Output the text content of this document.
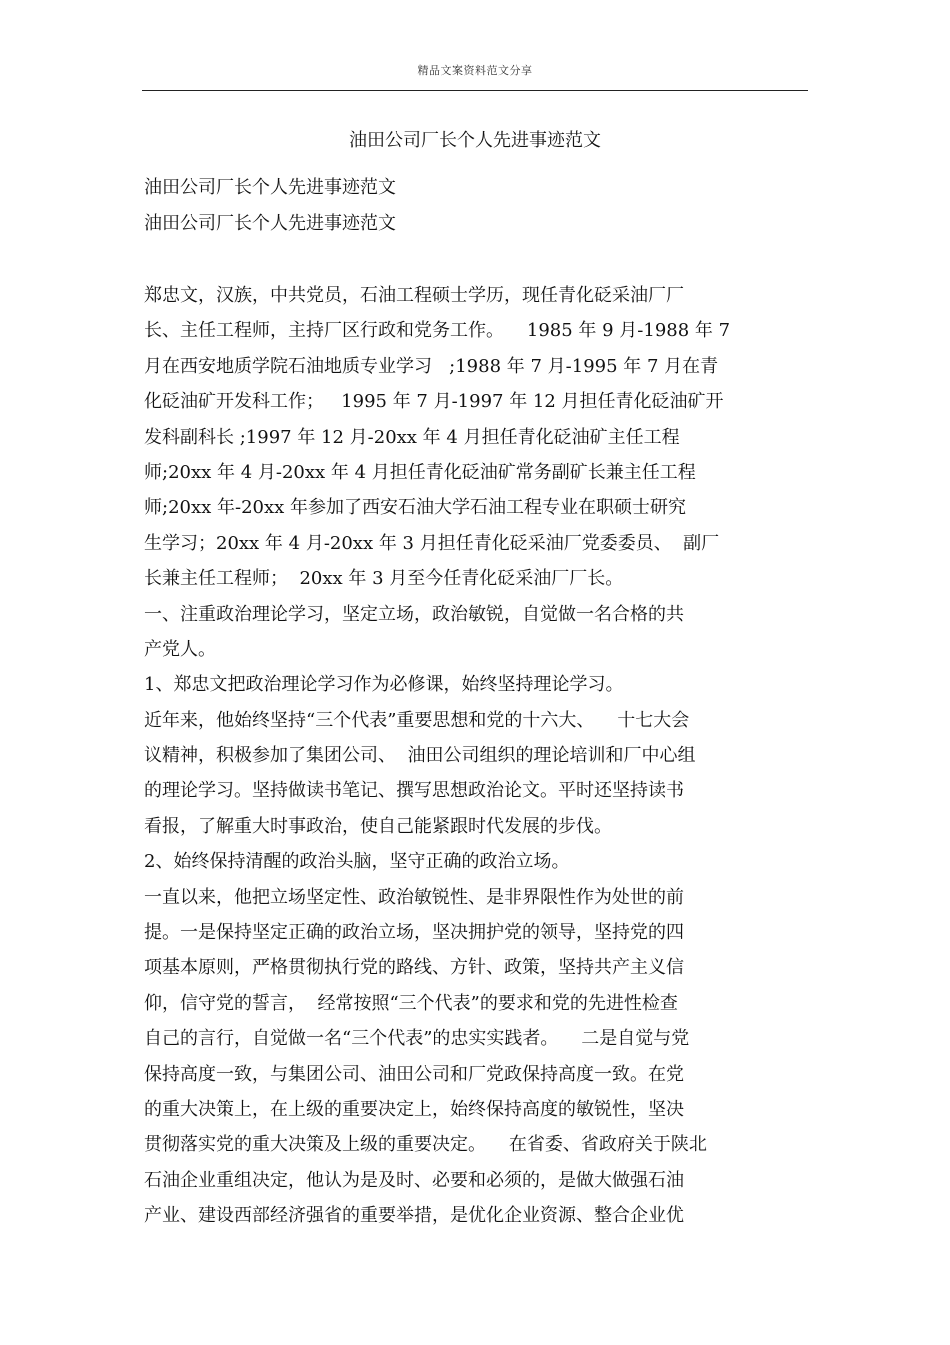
精品文案资料范文分享
油田公司厂长个人先进事迹范文
油田公司厂长个人先进事迹范文
油田公司厂长个人先进事迹范文
郑忠文，汉族，中共党员，石油工程硕士学历，现任青化砭采油厂厂
长、主任工程师，主持厂区行政和党务工作。    1985 年 9 月-1988 年 7
月在西安地质学院石油地质专业学习   ;1988 年 7 月-1995 年 7 月在青
化砭油矿开发科工作；   1995 年 7 月-1997 年 12 月担任青化砭油矿开
发科副科长 ;1997 年 12 月-20xx 年 4 月担任青化砭油矿主任工程
师;20xx 年 4 月-20xx 年 4 月担任青化砭油矿常务副矿长兼主任工程
师;20xx 年-20xx 年参加了西安石油大学石油工程专业在职硕士研究
生学习；20xx 年 4 月-20xx 年 3 月担任青化砭采油厂党委委员、  副厂
长兼主任工程师；  20xx 年 3 月至今任青化砭采油厂厂长。
一、注重政治理论学习，坚定立场，政治敏锐，自觉做一名合格的共
产党人。
1、郑忠文把政治理论学习作为必修课，始终坚持理论学习。
近年来，他始终坚持“三个代表”重要思想和党的十六大、    十七大会
议精神，积极参加了集团公司、  油田公司组织的理论培训和厂中心组
的理论学习。坚持做读书笔记、撰写思想政治论文。平时还坚持读书
看报，了解重大时事政治，使自己能紧跟时代发展的步伐。
2、始终保持清醒的政治头脑，坚守正确的政治立场。
一直以来，他把立场坚定性、政治敏锐性、是非界限性作为处世的前
提。一是保持坚定正确的政治立场，坚决拥护党的领导，坚持党的四
项基本原则，严格贯彻执行党的路线、方针、政策，坚持共产主义信
仰，信守党的誓言，  经常按照“三个代表”的要求和党的先进性检查
自己的言行，自觉做一名“三个代表”的忠实实践者。    二是自觉与党
保持高度一致，与集团公司、油田公司和厂党政保持高度一致。在党
的重大决策上，在上级的重要决定上，始终保持高度的敏锐性，坚决
贯彻落实党的重大决策及上级的重要决定。    在省委、省政府关于陕北
石油企业重组决定，他认为是及时、必要和必须的，是做大做强石油
产业、建设西部经济强省的重要举措，是优化企业资源、整合企业优
